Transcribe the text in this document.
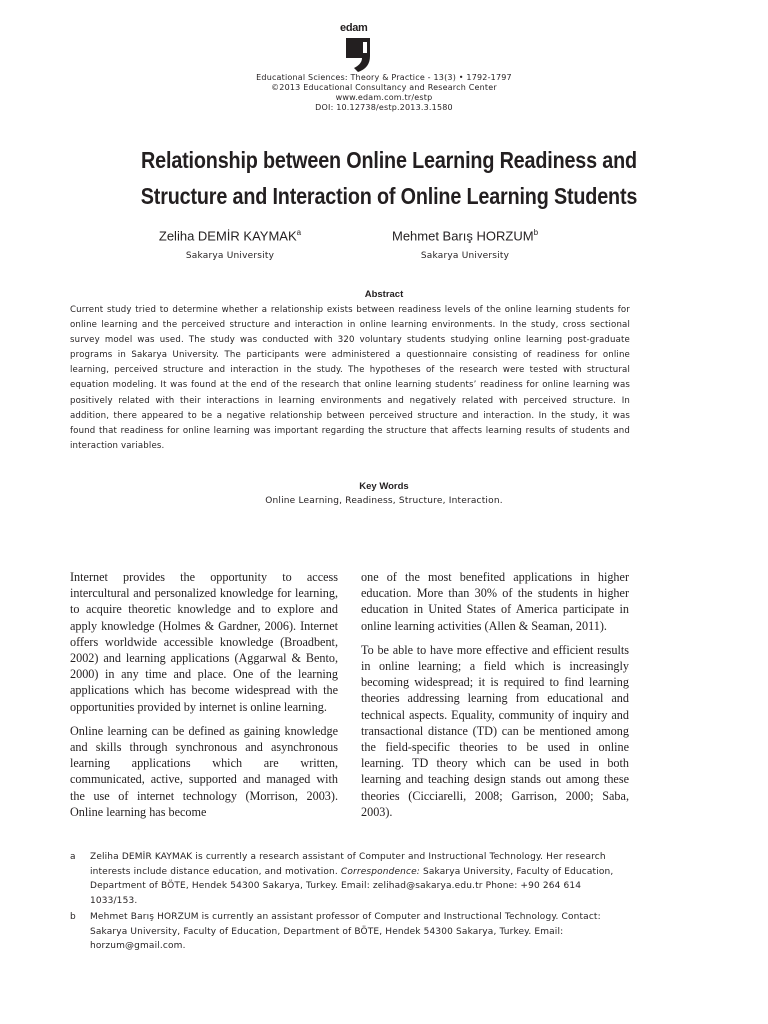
edam
Educational Sciences: Theory & Practice - 13(3) • 1792-1797
©2013 Educational Consultancy and Research Center
www.edam.com.tr/estp
DOI: 10.12738/estp.2013.3.1580
Relationship between Online Learning Readiness and
Structure and Interaction of Online Learning Students
Zeliha DEMİR KAYMAK$^a$
Sakarya University
Mehmet Barış HORZUM$^b$
Sakarya University
Abstract
Current study tried to determine whether a relationship exists between readiness levels of the online learning students for online learning and the perceived structure and interaction in online learning environments. In the study, cross sectional survey model was used. The study was conducted with 320 voluntary students studying online learning post-graduate programs in Sakarya University. The participants were administered a questionnaire consisting of readiness for online learning, perceived structure and interaction in the study. The hypotheses of the research were tested with structural equation modeling. It was found at the end of the research that online learning students’ readiness for online learning was positively related with their interactions in learning environments and negatively related with perceived structure. In addition, there appeared to be a negative relationship between perceived structure and interaction. In the study, it was found that readiness for online learning was important regarding the structure that affects learning results of students and interaction variables.
Key Words
Online Learning, Readiness, Structure, Interaction.

Internet provides the opportunity to access intercultural and personalized knowledge for learning, to acquire theoretic knowledge and to explore and apply knowledge (Holmes & Gardner, 2006). Internet offers worldwide accessible knowledge (Broadbent, 2002) and learning applications (Aggarwal & Bento, 2000) in any time and place. One of the learning applications which has become widespread with the opportunities provided by internet is online learning.

Online learning can be defined as gaining knowledge and skills through synchronous and asynchronous learning applications which are written, communicated, active, supported and managed with the use of internet technology (Morrison, 2003). Online learning has become

one of the most benefited applications in higher education. More than 30% of the students in higher education in United States of America participate in online learning activities (Allen & Seaman, 2011).

To be able to have more effective and efficient results in online learning; a field which is increasingly becoming widespread; it is required to find learning theories addressing learning from educational and technical aspects. Equality, community of inquiry and transactional distance (TD) can be mentioned among the field-specific theories to be used in online learning. TD theory which can be used in both learning and teaching design stands out among these theories (Cicciarelli, 2008; Garrison, 2000; Saba, 2003).

a Zeliha DEMİR KAYMAK is currently a research assistant of Computer and Instructional Technology. Her research interests include distance education, and motivation. Correspondence: Sakarya University, Faculty of Education, Department of BÖTE, Hendek 54300 Sakarya, Turkey. Email: zelihad@sakarya.edu.tr Phone: +90 264 614 1033/153.
b Mehmet Barış HORZUM is currently an assistant professor of Computer and Instructional Technology. Contact: Sakarya University, Faculty of Education, Department of BÖTE, Hendek 54300 Sakarya, Turkey. Email: horzum@gmail.com.
